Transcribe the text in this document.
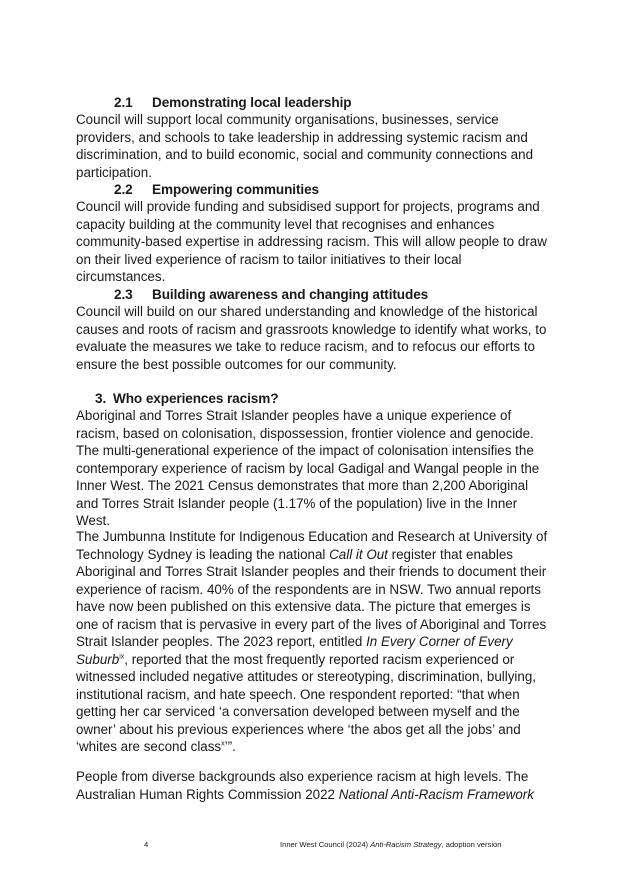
2.1 Demonstrating local leadership

Council will support local community organisations, businesses, service providers, and schools to take leadership in addressing systemic racism and discrimination, and to build economic, social and community connections and participation.

2.2 Empowering communities

Council will provide funding and subsidised support for projects, programs and capacity building at the community level that recognises and enhances community-based expertise in addressing racism. This will allow people to draw on their lived experience of racism to tailor initiatives to their local circumstances.

2.3 Building awareness and changing attitudes

Council will build on our shared understanding and knowledge of the historical causes and roots of racism and grassroots knowledge to identify what works, to evaluate the measures we take to reduce racism, and to refocus our efforts to ensure the best possible outcomes for our community.

3. Who experiences racism?

Aboriginal and Torres Strait Islander peoples have a unique experience of racism, based on colonisation, dispossession, frontier violence and genocide. The multi-generational experience of the impact of colonisation intensifies the contemporary experience of racism by local Gadigal and Wangal people in the Inner West. The 2021 Census demonstrates that more than 2,200 Aboriginal and Torres Strait Islander people (1.17% of the population) live in the Inner West.

The Jumbunna Institute for Indigenous Education and Research at University of Technology Sydney is leading the national Call it Out register that enables Aboriginal and Torres Strait Islander peoples and their friends to document their experience of racism. 40% of the respondents are in NSW. Two annual reports have now been published on this extensive data. The picture that emerges is one of racism that is pervasive in every part of the lives of Aboriginal and Torres Strait Islander peoples. The 2023 report, entitled In Every Corner of Every Suburb$^{ix}$, reported that the most frequently reported racism experienced or witnessed included negative attitudes or stereotyping, discrimination, bullying, institutional racism, and hate speech. One respondent reported: “that when getting her car serviced ‘a conversation developed between myself and the owner’ about his previous experiences where ‘the abos get all the jobs’ and ‘whites are second class$^x$’”.

People from diverse backgrounds also experience racism at high levels. The Australian Human Rights Commission 2022 National Anti-Racism Framework

4	Inner West Council (2024) Anti-Racism Strategy, adoption version
